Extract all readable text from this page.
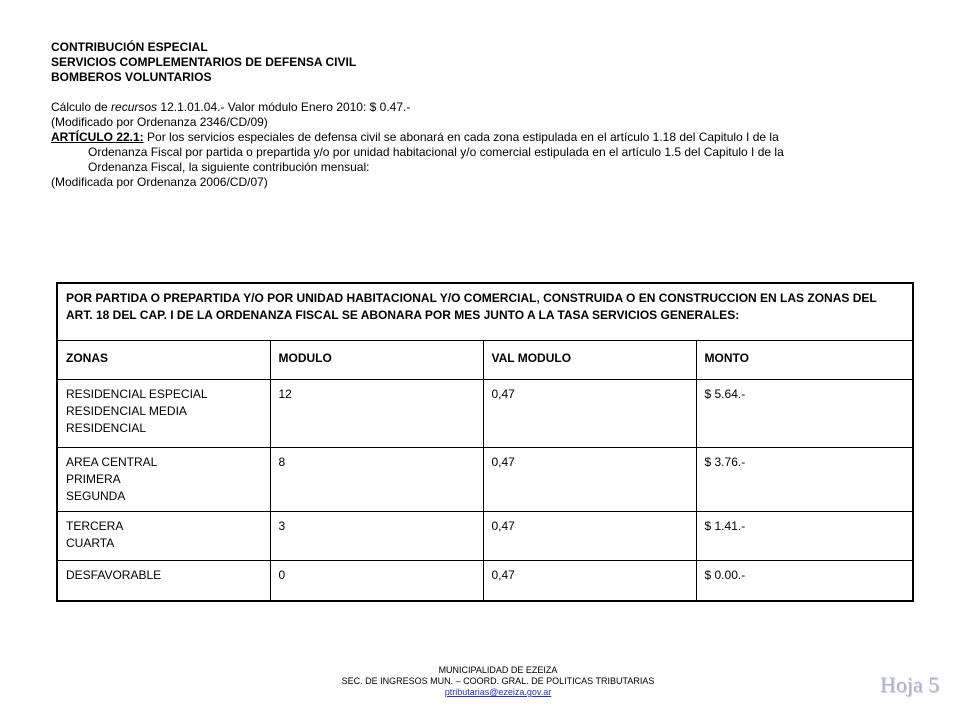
CONTRIBUCIÓN ESPECIAL
SERVICIOS COMPLEMENTARIOS DE DEFENSA CIVIL
BOMBEROS VOLUNTARIOS
Cálculo de recursos 12.1.01.04.- Valor módulo Enero 2010: $ 0.47.-
(Modificado por Ordenanza 2346/CD/09)
ARTÍCULO 22.1: Por los servicios especiales de defensa civil se abonará en cada zona estipulada en el artículo 1.18 del Capitulo I de la
Ordenanza Fiscal por partida o prepartida y/o por unidad habitacional y/o comercial estipulada en el artículo 1.5 del Capitulo I de la
Ordenanza Fiscal, la siguiente contribución mensual:
(Modificada por Ordenanza 2006/CD/07)
POR PARTIDA O PREPARTIDA Y/O POR UNIDAD HABITACIONAL Y/O COMERCIAL, CONSTRUIDA O EN CONSTRUCCION EN LAS ZONAS DEL ART. 18 DEL CAP. I DE LA ORDENANZA FISCAL SE ABONARA POR MES JUNTO A LA TASA SERVICIOS GENERALES:			
ZONAS	MODULO	VAL MODULO	MONTO

RESIDENCIAL ESPECIAL
RESIDENCIAL MEDIA
RESIDENCIAL	12	0,47	$ 5.64.-

AREA CENTRAL
PRIMERA
SEGUNDA	8	0,47	$ 3.76.-

TERCERA
CUARTA	3	0,47	$ 1.41.-

DESFAVORABLE	0	0,47	$ 0.00.-
MUNICIPALIDAD DE EZEIZA
SEC. DE INGRESOS MUN. – COORD. GRAL. DE POLITICAS TRIBUTARIAS
ptributarias@ezeiza.gov.ar	Hoja 5
